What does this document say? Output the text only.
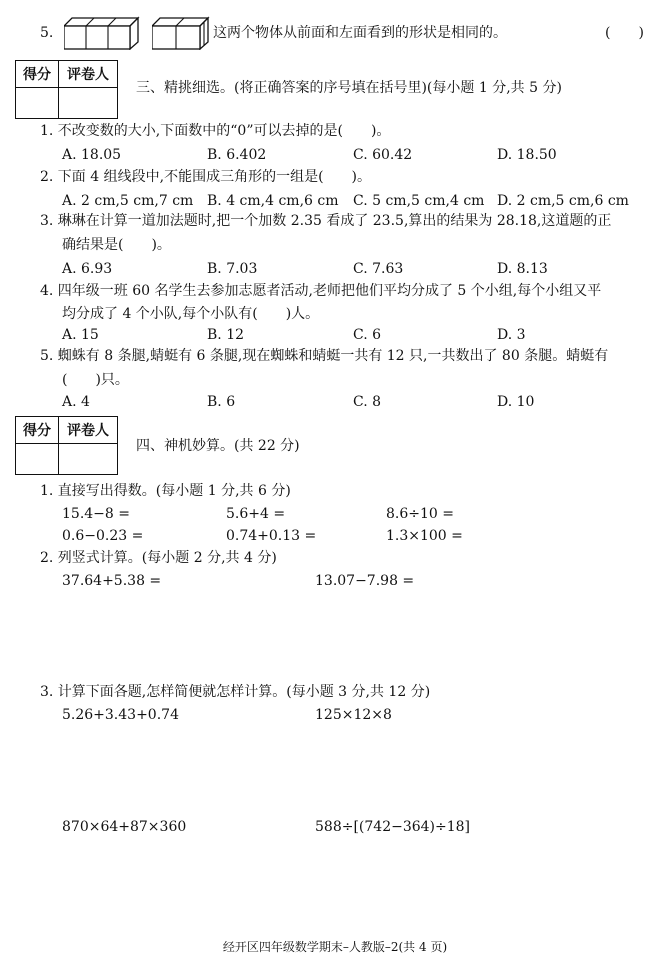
5.	这两个物体从前面和左面看到的形状是相同的。	(　　)
得分	评卷人

三、精挑细选。(将正确答案的序号填在括号里)(每小题 1 分,共 5 分)
1. 不改变数的大小,下面数中的“0”可以去掉的是(　　)。
A. 18.05	B. 6.402	C. 60.42	D. 18.50
2. 下面 4 组线段中,不能围成三角形的一组是(　　)。
A. 2 cm,5 cm,7 cm B. 4 cm,4 cm,6 cm C. 5 cm,5 cm,4 cm D. 2 cm,5 cm,6 cm
3. 琳琳在计算一道加法题时,把一个加数 2.35 看成了 23.5,算出的结果为 28.18,这道题的正
确结果是(　　)。
A. 6.93	B. 7.03	C. 7.63	D. 8.13
4. 四年级一班 60 名学生去参加志愿者活动,老师把他们平均分成了 5 个小组,每个小组又平
均分成了 4 个小队,每个小队有(　　)人。
A. 15	B. 12	C. 6	D. 3
5. 蜘蛛有 8 条腿,蜻蜓有 6 条腿,现在蜘蛛和蜻蜓一共有 12 只,一共数出了 80 条腿。蜻蜓有
(　　)只。
A. 4	B. 6	C. 8	D. 10
得分	评卷人

四、神机妙算。(共 22 分)
1. 直接写出得数。(每小题 1 分,共 6 分)
15.4−8 =	5.6+4 =	8.6÷10 =
0.6−0.23 =	0.74+0.13 =	1.3×100 =
2. 列竖式计算。(每小题 2 分,共 4 分)
37.64+5.38 =	13.07−7.98 =
3. 计算下面各题,怎样简便就怎样计算。(每小题 3 分,共 12 分)
5.26+3.43+0.74	125×12×8
870×64+87×360	588÷[(742−364)÷18]
经开区四年级数学期末–人教版–2(共 4 页)
